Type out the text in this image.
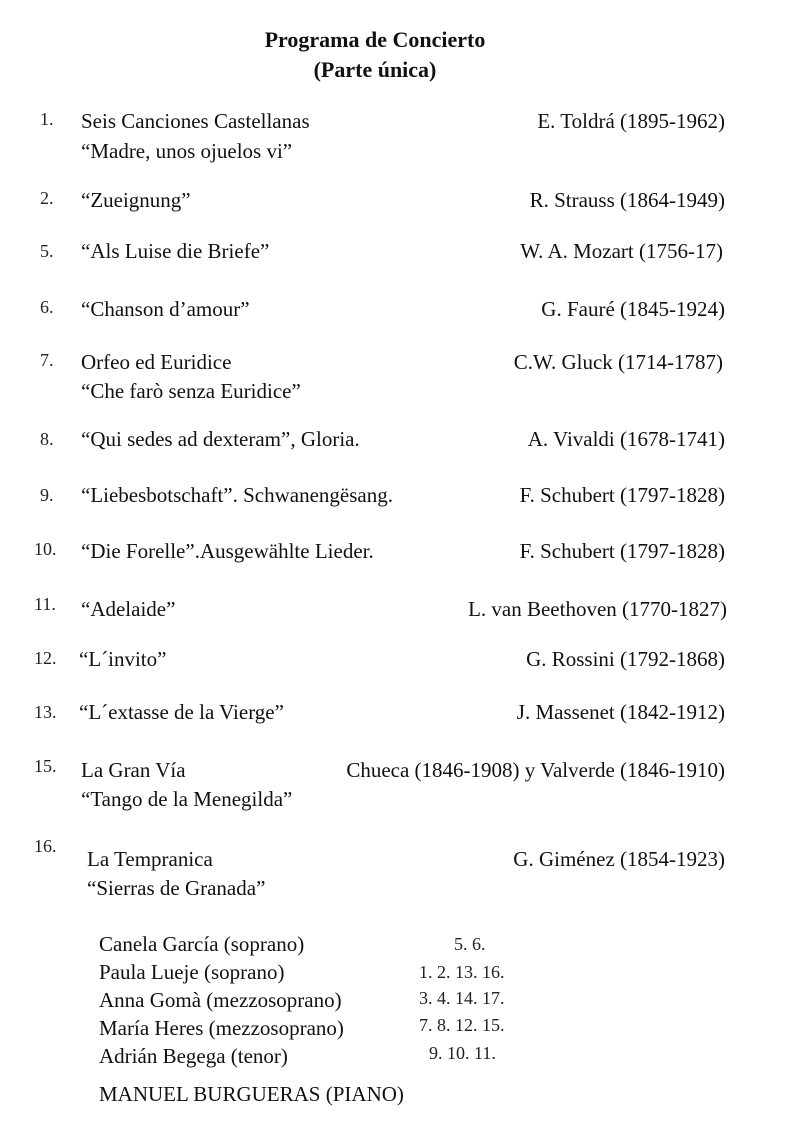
Programa de Concierto
(Parte única)
1. Seis Canciones Castellanas	E. Toldrá (1895-1962)
“Madre, unos ojuelos vi”
2. “Zueignung”	R. Strauss (1864-1949)
5. “Als Luise die Briefe”	W. A. Mozart (1756-17)
6. “Chanson d’amour”	G. Fauré (1845-1924)
7. Orfeo ed Euridice	C.W. Gluck (1714-1787)
“Che farò senza Euridice”
8. “Qui sedes ad dexteram”, Gloria.	A. Vivaldi (1678-1741)
9. “Liebesbotschaft”. Schwanengësang.	F. Schubert (1797-1828)
10. “Die Forelle”.Ausgewählte Lieder.	F. Schubert (1797-1828)
11. “Adelaide”	L. van Beethoven (1770-1827)
12. “L´invito”	G. Rossini (1792-1868)
13. “L´extasse de la Vierge”	J. Massenet (1842-1912)
15. La Gran Vía	Chueca (1846-1908) y Valverde (1846-1910)
“Tango de la Menegilda”
16.
La Tempranica	G. Giménez (1854-1923)
“Sierras de Granada”
Canela García (soprano)	5. 6.
Paula Lueje (soprano)	1. 2. 13. 16.
Anna Gomà (mezzosoprano)	3. 4. 14. 17.
María Heres (mezzosoprano)	7. 8. 12. 15.
Adrián Begega (tenor)	9. 10. 11.
MANUEL BURGUERAS (PIANO)
